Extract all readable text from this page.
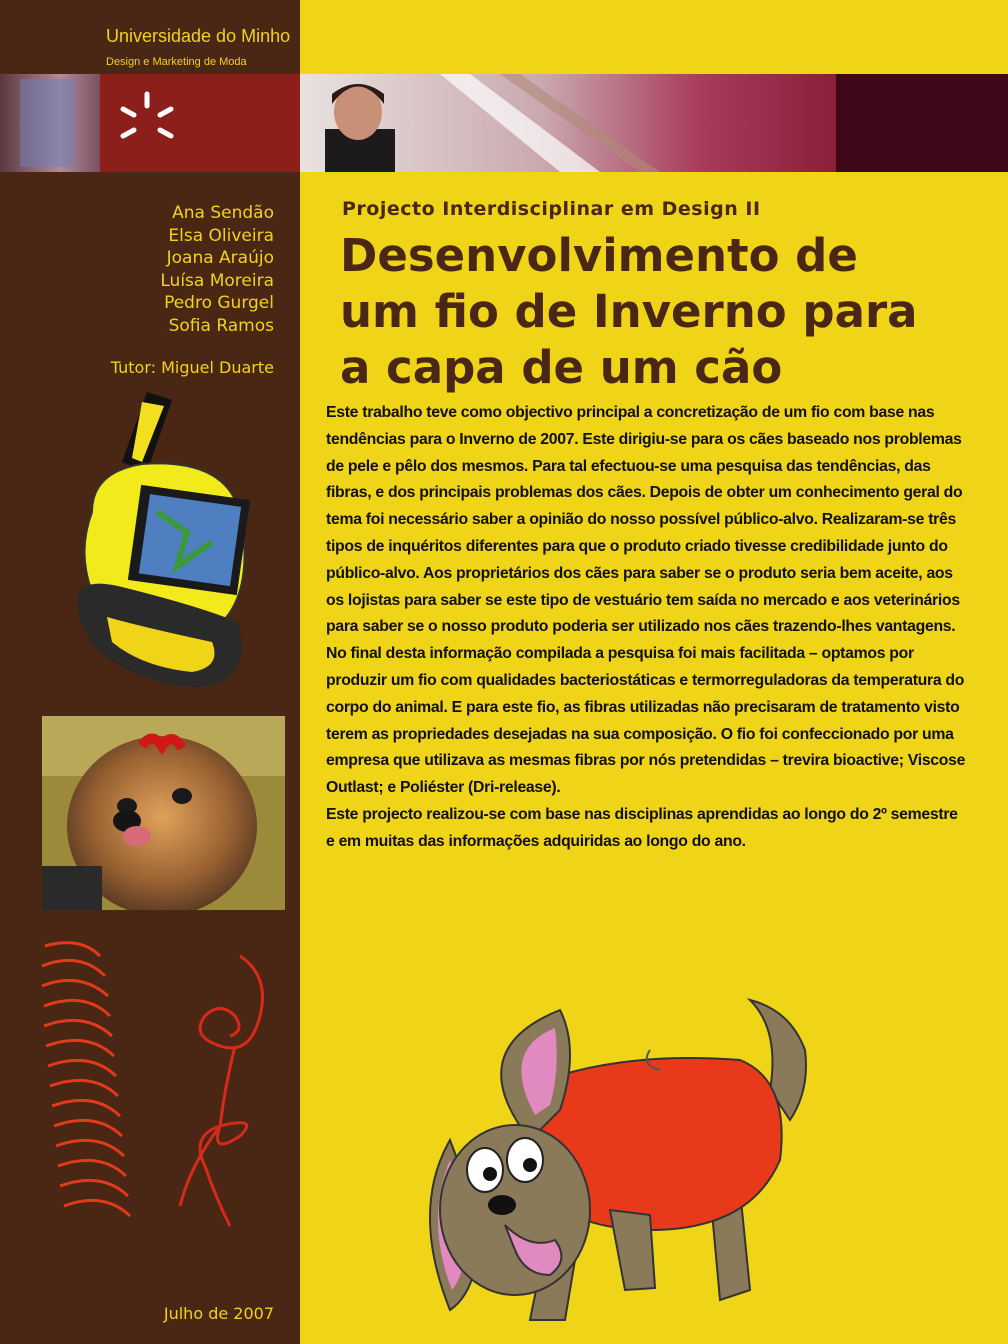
Universidade do Minho
Design e Marketing de Moda
Ana Sendão
Elsa Oliveira
Joana Araújo
Luísa Moreira
Pedro Gurgel
Sofia Ramos
Tutor: Miguel Duarte
Julho de 2007
Projecto Interdisciplinar em Design II
Desenvolvimento de
um fio de Inverno para
a capa de um cão

Este trabalho teve como objectivo principal a concretização de um fio com base nas tendências para o Inverno de 2007. Este dirigiu-se para os cães baseado nos problemas de pele e pêlo dos mesmos. Para tal efectuou-se uma pesquisa das tendências, das fibras, e dos principais problemas dos cães. Depois de obter um conhecimento geral do tema foi necessário saber a opinião do nosso possível público-alvo. Realizaram-se três tipos de inquéritos diferentes para que o produto criado tivesse credibilidade junto do público-alvo. Aos proprietários dos cães para saber se o produto seria bem aceite, aos os lojistas para saber se este tipo de vestuário tem saída no mercado e aos veterinários para saber se o nosso produto poderia ser utilizado nos cães trazendo-lhes vantagens.

No final desta informação compilada a pesquisa foi mais facilitada – optamos por produzir um fio com qualidades bacteriostáticas e termorreguladoras da temperatura do corpo do animal. E para este fio, as fibras utilizadas não precisaram de tratamento visto terem as propriedades desejadas na sua composição. O fio foi confeccionado por uma empresa que utilizava as mesmas fibras por nós pretendidas – trevira bioactive; Viscose Outlast; e Poliéster (Dri-release).

Este projecto realizou-se com base nas disciplinas aprendidas ao longo do 2º semestre e em muitas das informações adquiridas ao longo do ano.
